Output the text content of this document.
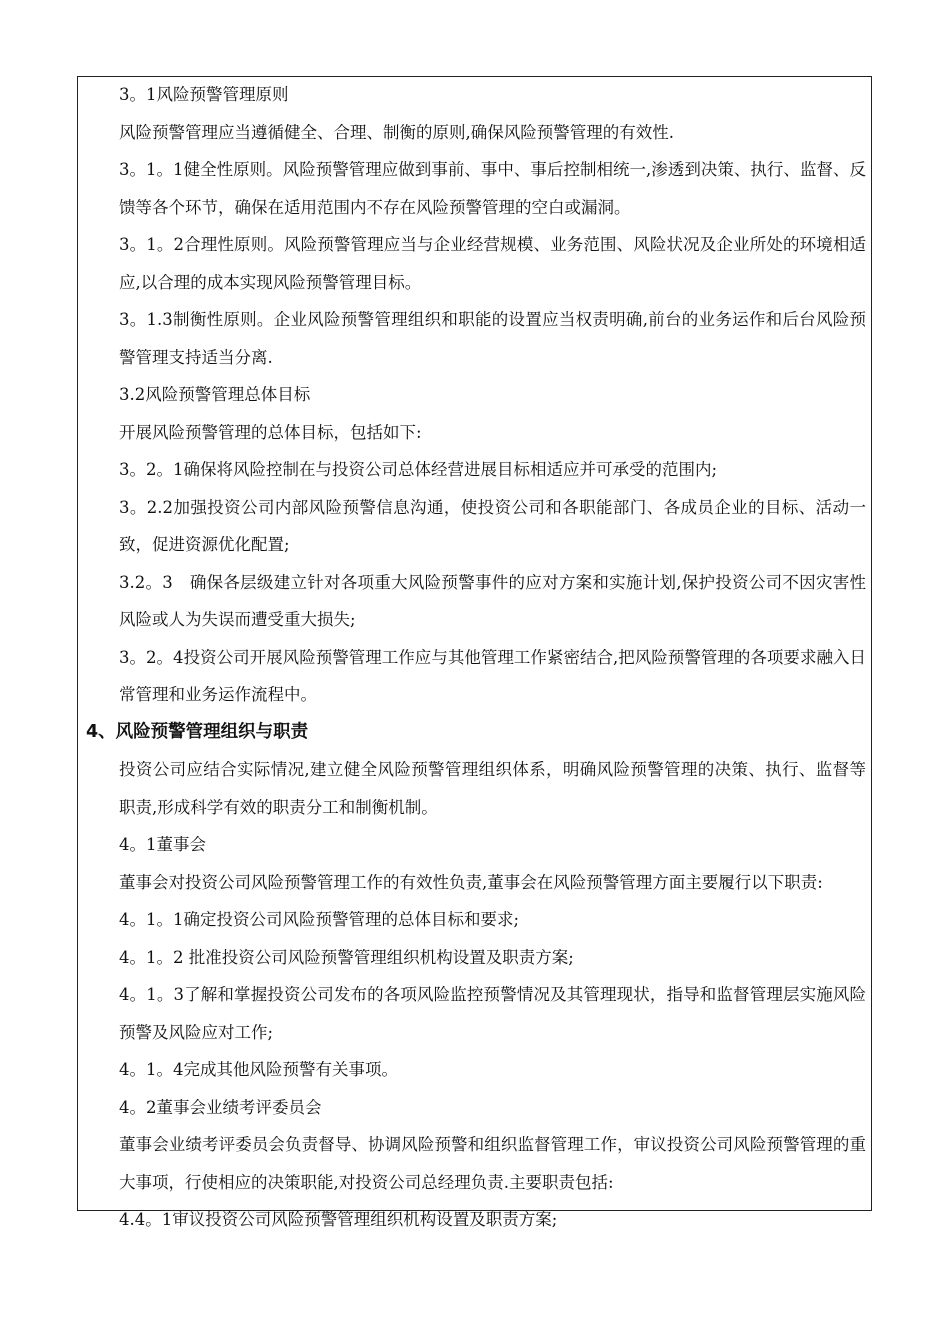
3。1风险预警管理原则

风险预警管理应当遵循健全、合理、制衡的原则,确保风险预警管理的有效性.

3。1。1健全性原则。风险预警管理应做到事前、事中、事后控制相统一,渗透到决策、执行、监督、反馈等各个环节，确保在适用范围内不存在风险预警管理的空白或漏洞。

3。1。2合理性原则。风险预警管理应当与企业经营规模、业务范围、风险状况及企业所处的环境相适应,以合理的成本实现风险预警管理目标。

3。1.3制衡性原则。企业风险预警管理组织和职能的设置应当权责明确,前台的业务运作和后台风险预警管理支持适当分离.

3.2风险预警管理总体目标

开展风险预警管理的总体目标，包括如下:

3。2。1确保将风险控制在与投资公司总体经营进展目标相适应并可承受的范围内;

3。2.2加强投资公司内部风险预警信息沟通，使投资公司和各职能部门、各成员企业的目标、活动一致，促进资源优化配置;

3.2。3　确保各层级建立针对各项重大风险预警事件的应对方案和实施计划,保护投资公司不因灾害性风险或人为失误而遭受重大损失;

3。2。4投资公司开展风险预警管理工作应与其他管理工作紧密结合,把风险预警管理的各项要求融入日常管理和业务运作流程中。

4、风险预警管理组织与职责

投资公司应结合实际情况,建立健全风险预警管理组织体系，明确风险预警管理的决策、执行、监督等职责,形成科学有效的职责分工和制衡机制。

4。1董事会

董事会对投资公司风险预警管理工作的有效性负责,董事会在风险预警管理方面主要履行以下职责:

4。1。1确定投资公司风险预警管理的总体目标和要求;

4。1。2 批准投资公司风险预警管理组织机构设置及职责方案;

4。1。3了解和掌握投资公司发布的各项风险监控预警情况及其管理现状，指导和监督管理层实施风险预警及风险应对工作;

4。1。4完成其他风险预警有关事项。

4。2董事会业绩考评委员会

董事会业绩考评委员会负责督导、协调风险预警和组织监督管理工作，审议投资公司风险预警管理的重大事项，行使相应的决策职能,对投资公司总经理负责.主要职责包括:

4.4。1审议投资公司风险预警管理组织机构设置及职责方案;
